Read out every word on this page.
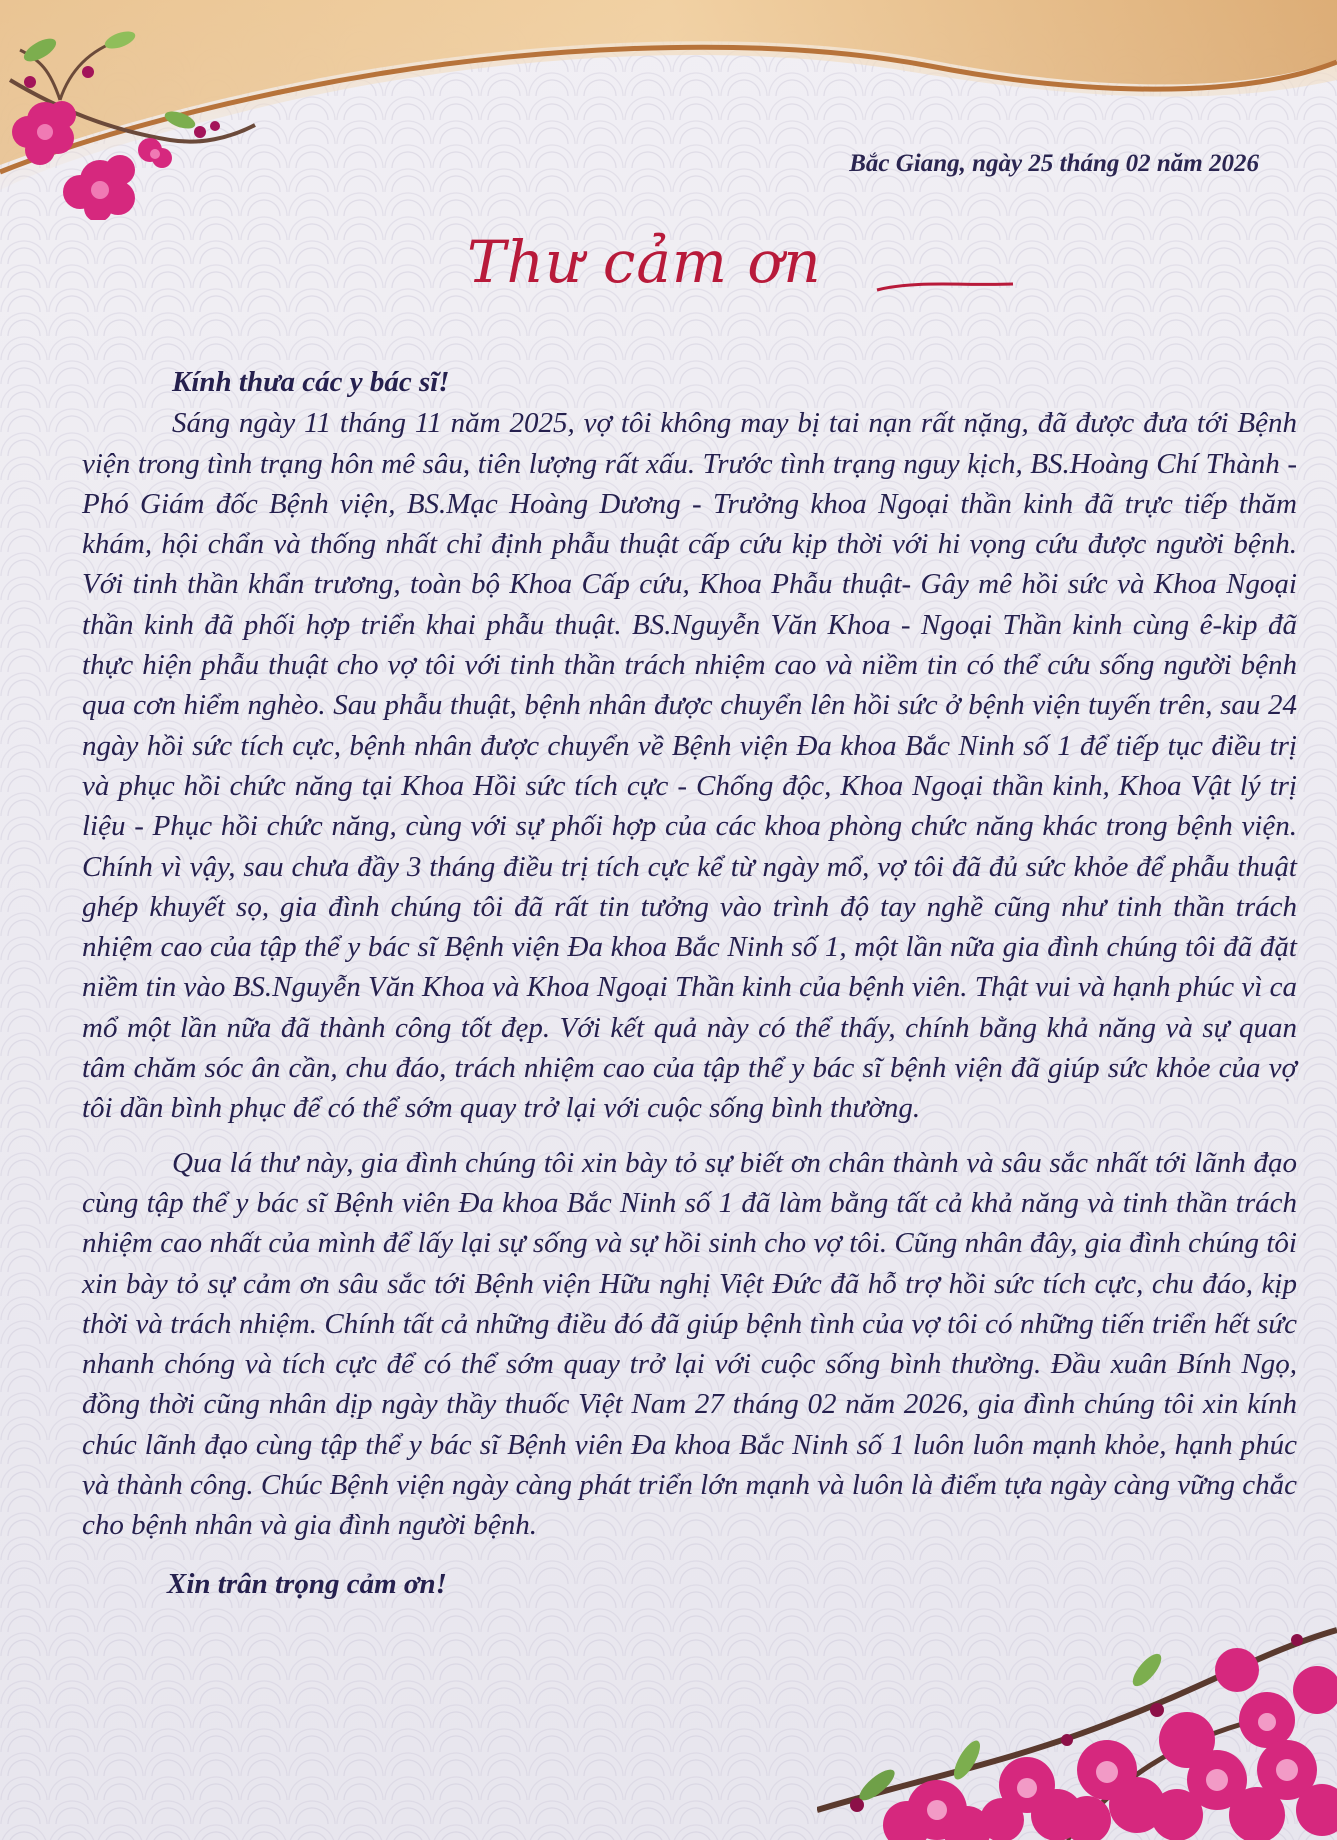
Bắc Giang, ngày 25 tháng 02 năm 2026
Thư cảm ơn

Kính thưa các y bác sĩ!

Sáng ngày 11 tháng 11 năm 2025, vợ tôi không may bị tai nạn rất nặng, đã được đưa tới Bệnh viện trong tình trạng hôn mê sâu, tiên lượng rất xấu. Trước tình trạng nguy kịch, BS.Hoàng Chí Thành - Phó Giám đốc Bệnh viện, BS.Mạc Hoàng Dương - Trưởng khoa Ngoại thần kinh đã trực tiếp thăm khám, hội chẩn và thống nhất chỉ định phẫu thuật cấp cứu kịp thời với hi vọng cứu được người bệnh. Với tinh thần khẩn trương, toàn bộ Khoa Cấp cứu, Khoa Phẫu thuật- Gây mê hồi sức và Khoa Ngoại thần kinh đã phối hợp triển khai phẫu thuật. BS.Nguyễn Văn Khoa - Ngoại Thần kinh cùng ê-kip đã thực hiện phẫu thuật cho vợ tôi với tinh thần trách nhiệm cao và niềm tin có thể cứu sống người bệnh qua cơn hiểm nghèo. Sau phẫu thuật, bệnh nhân được chuyển lên hồi sức ở bệnh viện tuyến trên, sau 24 ngày hồi sức tích cực, bệnh nhân được chuyển về Bệnh viện Đa khoa Bắc Ninh số 1 để tiếp tục điều trị và phục hồi chức năng tại Khoa Hồi sức tích cực - Chống độc, Khoa Ngoại thần kinh, Khoa Vật lý trị liệu - Phục hồi chức năng, cùng với sự phối hợp của các khoa phòng chức năng khác trong bệnh viện. Chính vì vậy, sau chưa đầy 3 tháng điều trị tích cực kể từ ngày mổ, vợ tôi đã đủ sức khỏe để phẫu thuật ghép khuyết sọ, gia đình chúng tôi đã rất tin tưởng vào trình độ tay nghề cũng như tinh thần trách nhiệm cao của tập thể y bác sĩ Bệnh viện Đa khoa Bắc Ninh số 1, một lần nữa gia đình chúng tôi đã đặt niềm tin vào BS.Nguyễn Văn Khoa và Khoa Ngoại Thần kinh của bệnh viên. Thật vui và hạnh phúc vì ca mổ một lần nữa đã thành công tốt đẹp. Với kết quả này có thể thấy, chính bằng khả năng và sự quan tâm chăm sóc ân cần, chu đáo, trách nhiệm cao của tập thể y bác sĩ bệnh viện đã giúp sức khỏe của vợ tôi dần bình phục để có thể sớm quay trở lại với cuộc sống bình thường.

Qua lá thư này, gia đình chúng tôi xin bày tỏ sự biết ơn chân thành và sâu sắc nhất tới lãnh đạo cùng tập thể y bác sĩ Bệnh viên Đa khoa Bắc Ninh số 1 đã làm bằng tất cả khả năng và tinh thần trách nhiệm cao nhất của mình để lấy lại sự sống và sự hồi sinh cho vợ tôi. Cũng nhân đây, gia đình chúng tôi xin bày tỏ sự cảm ơn sâu sắc tới Bệnh viện Hữu nghị Việt Đức đã hỗ trợ hồi sức tích cực, chu đáo, kịp thời và trách nhiệm. Chính tất cả những điều đó đã giúp bệnh tình của vợ tôi có những tiến triển hết sức nhanh chóng và tích cực để có thể sớm quay trở lại với cuộc sống bình thường. Đầu xuân Bính Ngọ, đồng thời cũng nhân dịp ngày thầy thuốc Việt Nam 27 tháng 02 năm 2026, gia đình chúng tôi xin kính chúc lãnh đạo cùng tập thể y bác sĩ Bệnh viên Đa khoa Bắc Ninh số 1 luôn luôn mạnh khỏe, hạnh phúc và thành công. Chúc Bệnh viện ngày càng phát triển lớn mạnh và luôn là điểm tựa ngày càng vững chắc cho bệnh nhân và gia đình người bệnh.

Xin trân trọng cảm ơn!
